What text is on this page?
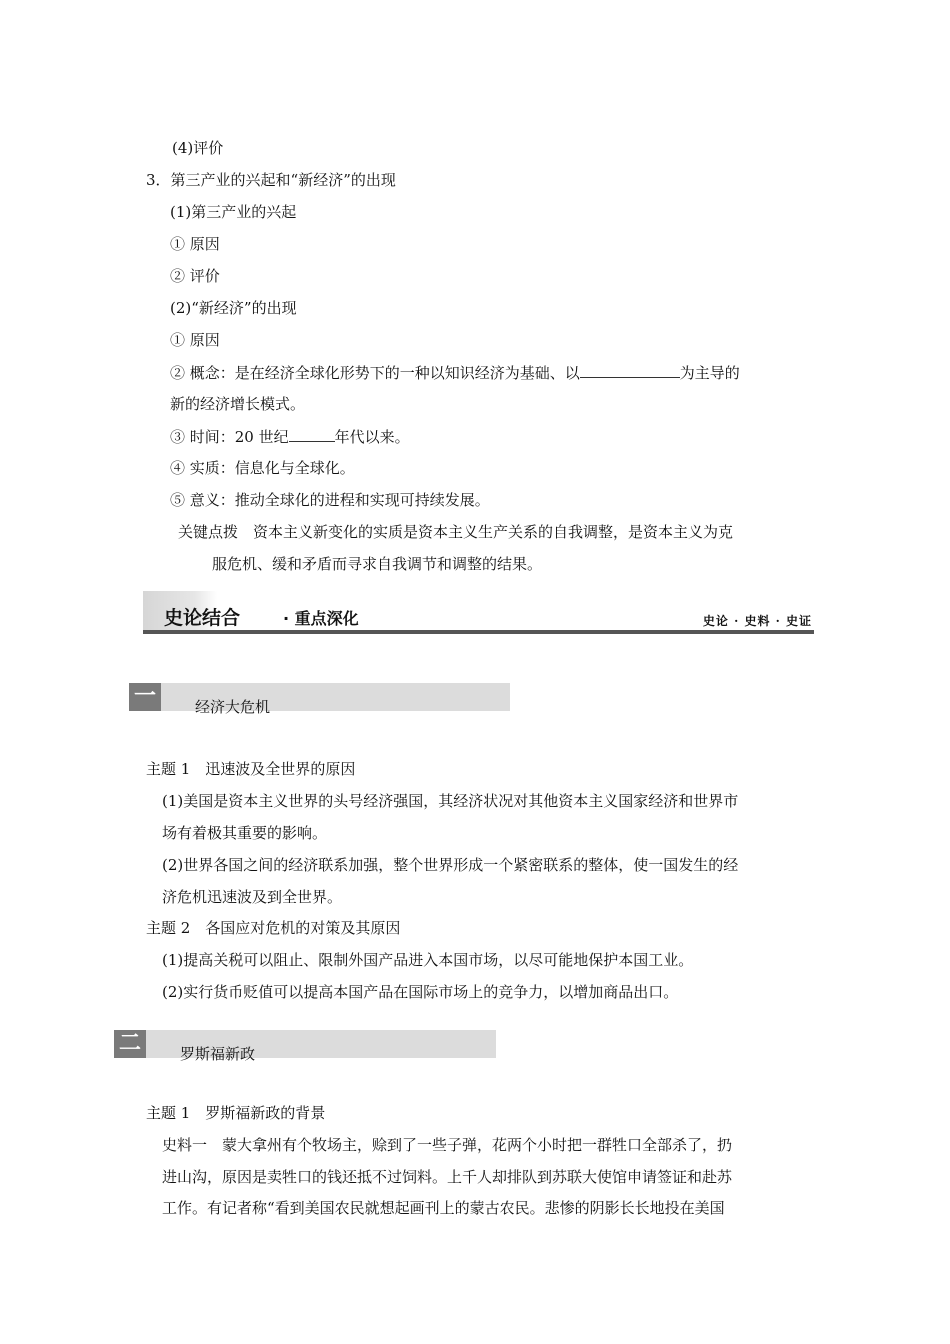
(4)评价
3．第三产业的兴起和“新经济”的出现
(1)第三产业的兴起
① 原因
② 评价
(2)“新经济”的出现
① 原因
② 概念：是在经济全球化形势下的一种以知识经济为基础、以	为主导的
新的经济增长模式。
③ 时间：20 世纪	年代以来。
④ 实质：信息化与全球化。
⑤ 意义：推动全球化的进程和实现可持续发展。
关键点拨　资本主义新变化的实质是资本主义生产关系的自我调整，是资本主义为克
服危机、缓和矛盾而寻求自我调节和调整的结果。
史论结合	· 重点深化	史论 · 史料 · 史证
一	经济大危机
主题 1　迅速波及全世界的原因
(1)美国是资本主义世界的头号经济强国，其经济状况对其他资本主义国家经济和世界市
场有着极其重要的影响。
(2)世界各国之间的经济联系加强，整个世界形成一个紧密联系的整体，使一国发生的经
济危机迅速波及到全世界。
主题 2　各国应对危机的对策及其原因
(1)提高关税可以阻止、限制外国产品进入本国市场，以尽可能地保护本国工业。
(2)实行货币贬值可以提高本国产品在国际市场上的竞争力，以增加商品出口。
二	罗斯福新政
主题 1　罗斯福新政的背景
史料一　蒙大拿州有个牧场主，赊到了一些子弹，花两个小时把一群牲口全部杀了，扔
进山沟，原因是卖牲口的钱还抵不过饲料。上千人却排队到苏联大使馆申请签证和赴苏
工作。有记者称“看到美国农民就想起画刊上的蒙古农民。悲惨的阴影长长地投在美国
